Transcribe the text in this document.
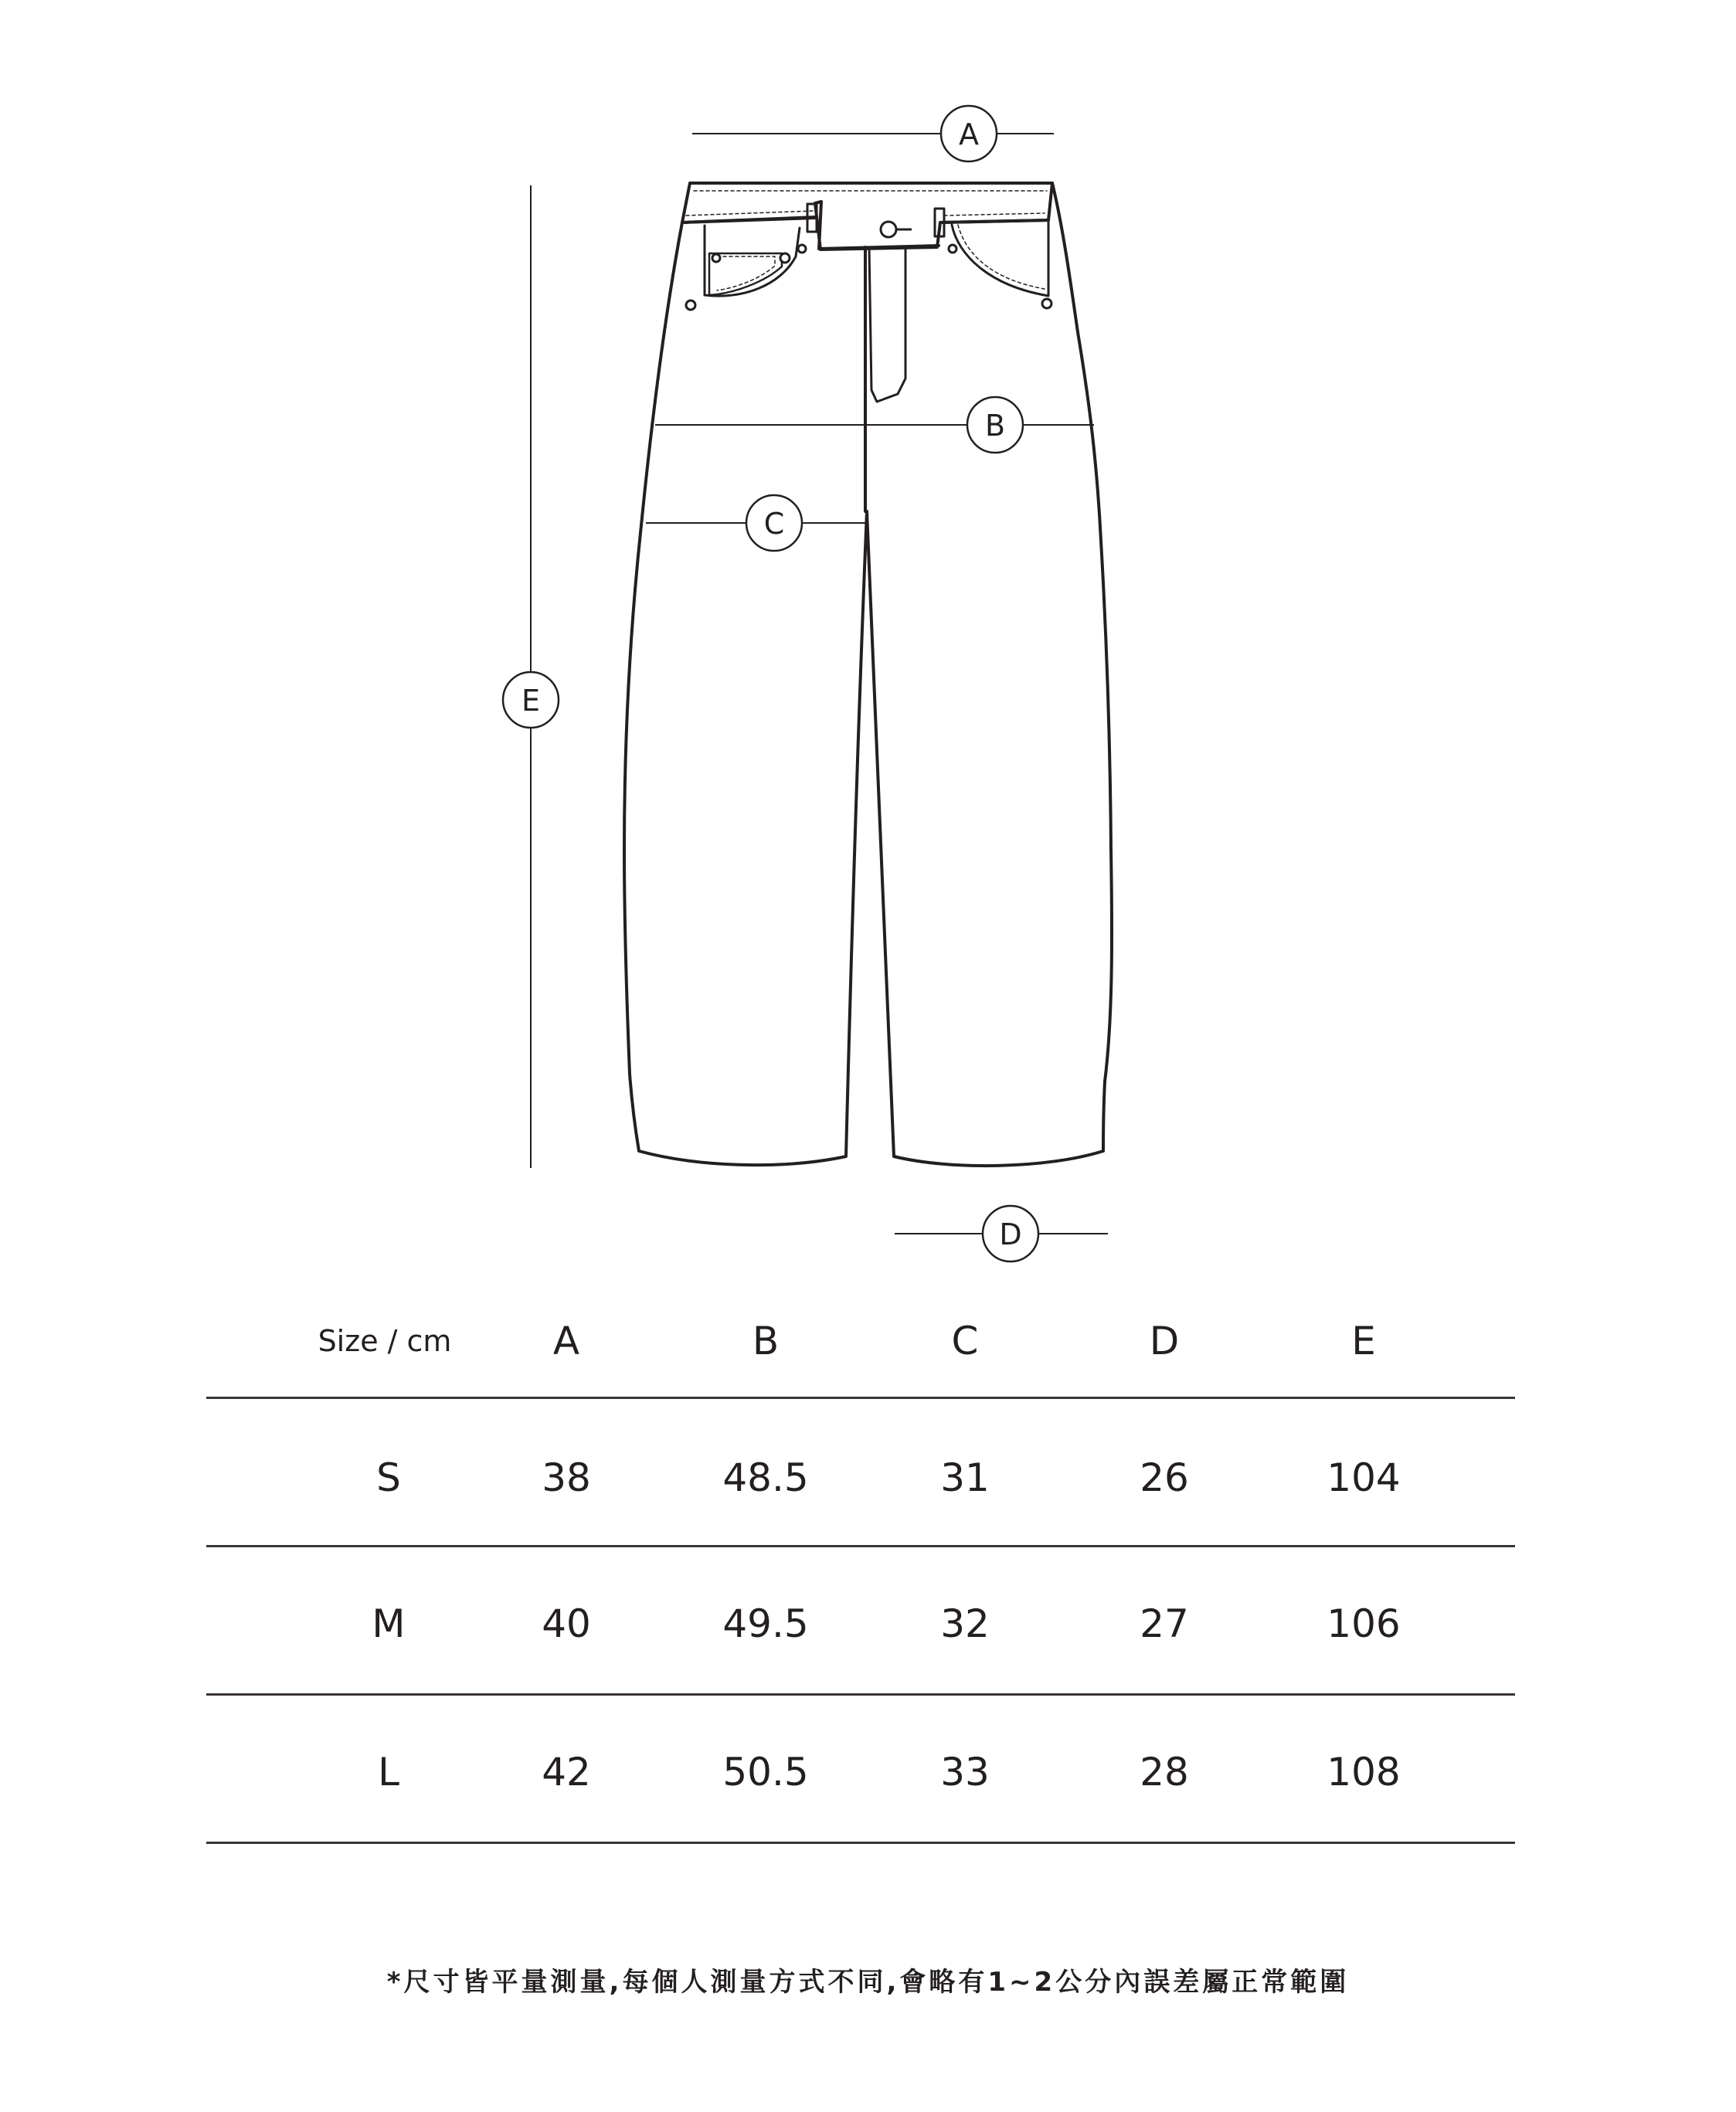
A
B
C
D
E
Size / cm	A	B	C	D	E
S	38	48.5	31	26	104
M	40	49.5	32	27	106
L	42	50.5	33	28	108
*尺寸皆平量測量,每個人測量方式不同,會略有1~2公分內誤差屬正常範圍
